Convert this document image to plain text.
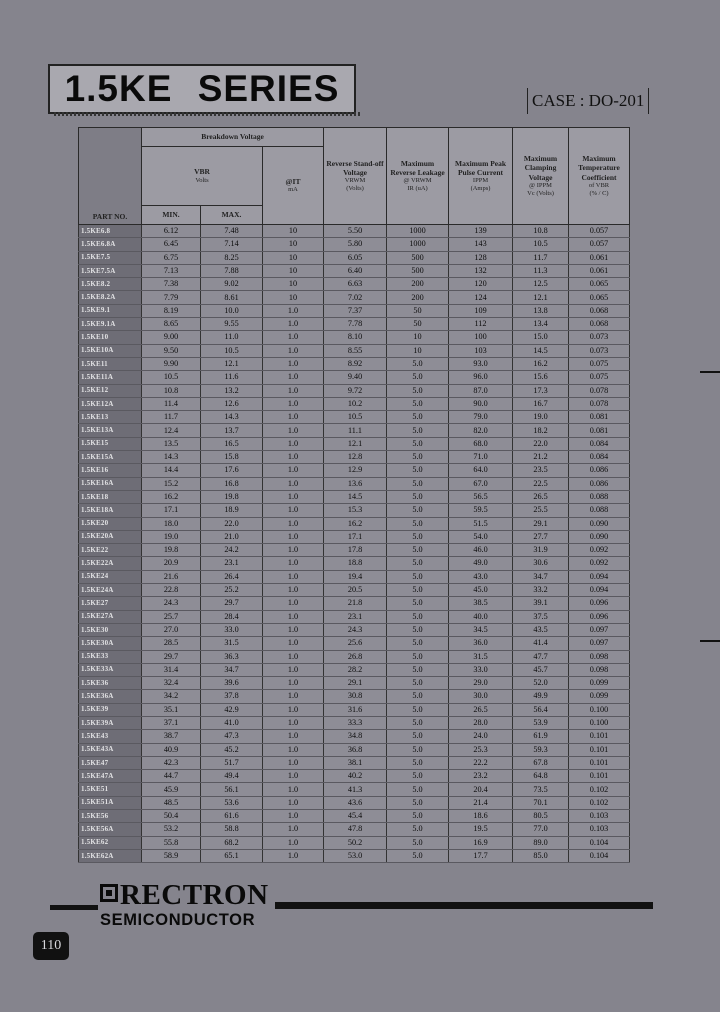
1.5KE SERIES	CASE : DO-201
PART NO.	Breakdown Voltage			Reverse Stand-off Voltage
VRWM
(Volts)	Maximum Reverse Leakage
@ VRWM
IR (uA)	Maximum Peak Pulse Current
IPPM
(Amps)	Maximum Clamping Voltage
@ IPPM
Vc (Volts)	Maximum Temperature Coefficient
of VBR
(% / C)

	VBR
Volts		@IT
mA					

	MIN.	MAX.						
1.5KE6.8	6.12	7.48	10	5.50	1000	139	10.8	0.057
1.5KE6.8A	6.45	7.14	10	5.80	1000	143	10.5	0.057
1.5KE7.5	6.75	8.25	10	6.05	500	128	11.7	0.061
1.5KE7.5A	7.13	7.88	10	6.40	500	132	11.3	0.061
1.5KE8.2	7.38	9.02	10	6.63	200	120	12.5	0.065
1.5KE8.2A	7.79	8.61	10	7.02	200	124	12.1	0.065
1.5KE9.1	8.19	10.0	1.0	7.37	50	109	13.8	0.068
1.5KE9.1A	8.65	9.55	1.0	7.78	50	112	13.4	0.068
1.5KE10	9.00	11.0	1.0	8.10	10	100	15.0	0.073
1.5KE10A	9.50	10.5	1.0	8.55	10	103	14.5	0.073
1.5KE11	9.90	12.1	1.0	8.92	5.0	93.0	16.2	0.075
1.5KE11A	10.5	11.6	1.0	9.40	5.0	96.0	15.6	0.075
1.5KE12	10.8	13.2	1.0	9.72	5.0	87.0	17.3	0.078
1.5KE12A	11.4	12.6	1.0	10.2	5.0	90.0	16.7	0.078
1.5KE13	11.7	14.3	1.0	10.5	5.0	79.0	19.0	0.081
1.5KE13A	12.4	13.7	1.0	11.1	5.0	82.0	18.2	0.081
1.5KE15	13.5	16.5	1.0	12.1	5.0	68.0	22.0	0.084
1.5KE15A	14.3	15.8	1.0	12.8	5.0	71.0	21.2	0.084
1.5KE16	14.4	17.6	1.0	12.9	5.0	64.0	23.5	0.086
1.5KE16A	15.2	16.8	1.0	13.6	5.0	67.0	22.5	0.086
1.5KE18	16.2	19.8	1.0	14.5	5.0	56.5	26.5	0.088
1.5KE18A	17.1	18.9	1.0	15.3	5.0	59.5	25.5	0.088
1.5KE20	18.0	22.0	1.0	16.2	5.0	51.5	29.1	0.090
1.5KE20A	19.0	21.0	1.0	17.1	5.0	54.0	27.7	0.090
1.5KE22	19.8	24.2	1.0	17.8	5.0	46.0	31.9	0.092
1.5KE22A	20.9	23.1	1.0	18.8	5.0	49.0	30.6	0.092
1.5KE24	21.6	26.4	1.0	19.4	5.0	43.0	34.7	0.094
1.5KE24A	22.8	25.2	1.0	20.5	5.0	45.0	33.2	0.094
1.5KE27	24.3	29.7	1.0	21.8	5.0	38.5	39.1	0.096
1.5KE27A	25.7	28.4	1.0	23.1	5.0	40.0	37.5	0.096
1.5KE30	27.0	33.0	1.0	24.3	5.0	34.5	43.5	0.097
1.5KE30A	28.5	31.5	1.0	25.6	5.0	36.0	41.4	0.097
1.5KE33	29.7	36.3	1.0	26.8	5.0	31.5	47.7	0.098
1.5KE33A	31.4	34.7	1.0	28.2	5.0	33.0	45.7	0.098
1.5KE36	32.4	39.6	1.0	29.1	5.0	29.0	52.0	0.099
1.5KE36A	34.2	37.8	1.0	30.8	5.0	30.0	49.9	0.099
1.5KE39	35.1	42.9	1.0	31.6	5.0	26.5	56.4	0.100
1.5KE39A	37.1	41.0	1.0	33.3	5.0	28.0	53.9	0.100
1.5KE43	38.7	47.3	1.0	34.8	5.0	24.0	61.9	0.101
1.5KE43A	40.9	45.2	1.0	36.8	5.0	25.3	59.3	0.101
1.5KE47	42.3	51.7	1.0	38.1	5.0	22.2	67.8	0.101
1.5KE47A	44.7	49.4	1.0	40.2	5.0	23.2	64.8	0.101
1.5KE51	45.9	56.1	1.0	41.3	5.0	20.4	73.5	0.102
1.5KE51A	48.5	53.6	1.0	43.6	5.0	21.4	70.1	0.102
1.5KE56	50.4	61.6	1.0	45.4	5.0	18.6	80.5	0.103
1.5KE56A	53.2	58.8	1.0	47.8	5.0	19.5	77.0	0.103
1.5KE62	55.8	68.2	1.0	50.2	5.0	16.9	89.0	0.104
1.5KE62A	58.9	65.1	1.0	53.0	5.0	17.7	85.0	0.104
RECTRON
SEMICONDUCTOR
110
